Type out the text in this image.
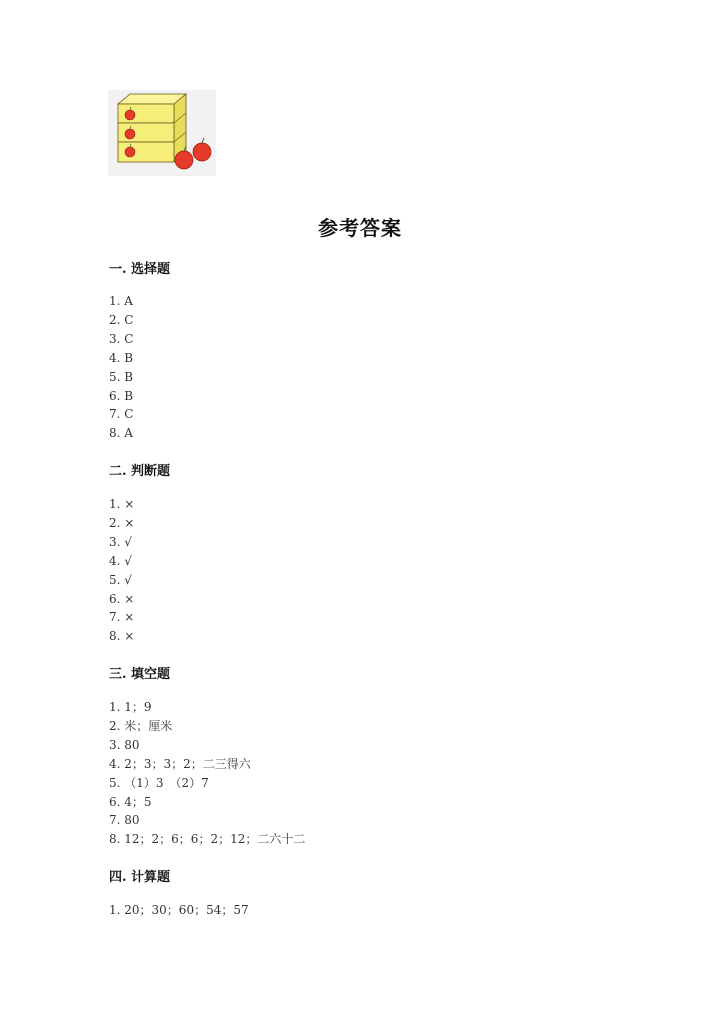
参考答案
一. 选择题
1. A
2. C
3. C
4. B
5. B
6. B
7. C
8. A
二. 判断题
1. ×
2. ×
3. √
4. √
5. √
6. ×
7. ×
8. ×
三. 填空题
1. 1；9
2. 米；厘米
3. 80
4. 2；3；3；2；二三得六
5. （1）3　（2）7
6. 4；5
7. 80
8. 12；2；6；6；2；12；二六十二
四. 计算题
1. 20；30；60；54；57
